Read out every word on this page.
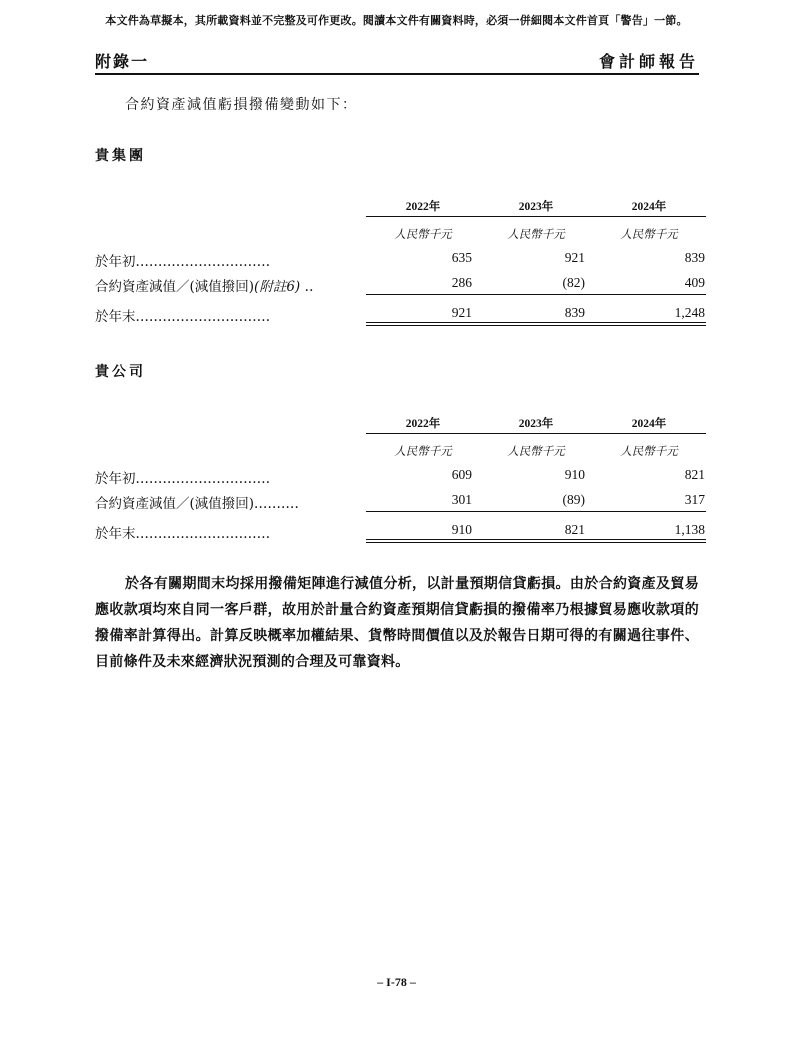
本文件為草擬本，其所載資料並不完整及可作更改。閱讀本文件有關資料時，必須一併細閱本文件首頁「警告」一節。
附錄一	會計師報告
合約資產減值虧損撥備變動如下：
貴集團
2022年	2023年	2024年
人民幣千元	人民幣千元	人民幣千元
於年初..............................	635	921	839
合約資產減值／(減值撥回)(附註6) ..	286	(82)	409
於年末..............................	921	839	1,248
貴公司
2022年	2023年	2024年
人民幣千元	人民幣千元	人民幣千元
於年初..............................	609	910	821
合約資產減值／(減值撥回)..........	301	(89)	317
於年末..............................	910	821	1,138
於各有關期間末均採用撥備矩陣進行減值分析，以計量預期信貸虧損。由於合約資產及貿易應收款項均來自同一客戶群，故用於計量合約資產預期信貸虧損的撥備率乃根據貿易應收款項的撥備率計算得出。計算反映概率加權結果、貨幣時間價值以及於報告日期可得的有關過往事件、目前條件及未來經濟狀況預測的合理及可靠資料。
– I-78 –
